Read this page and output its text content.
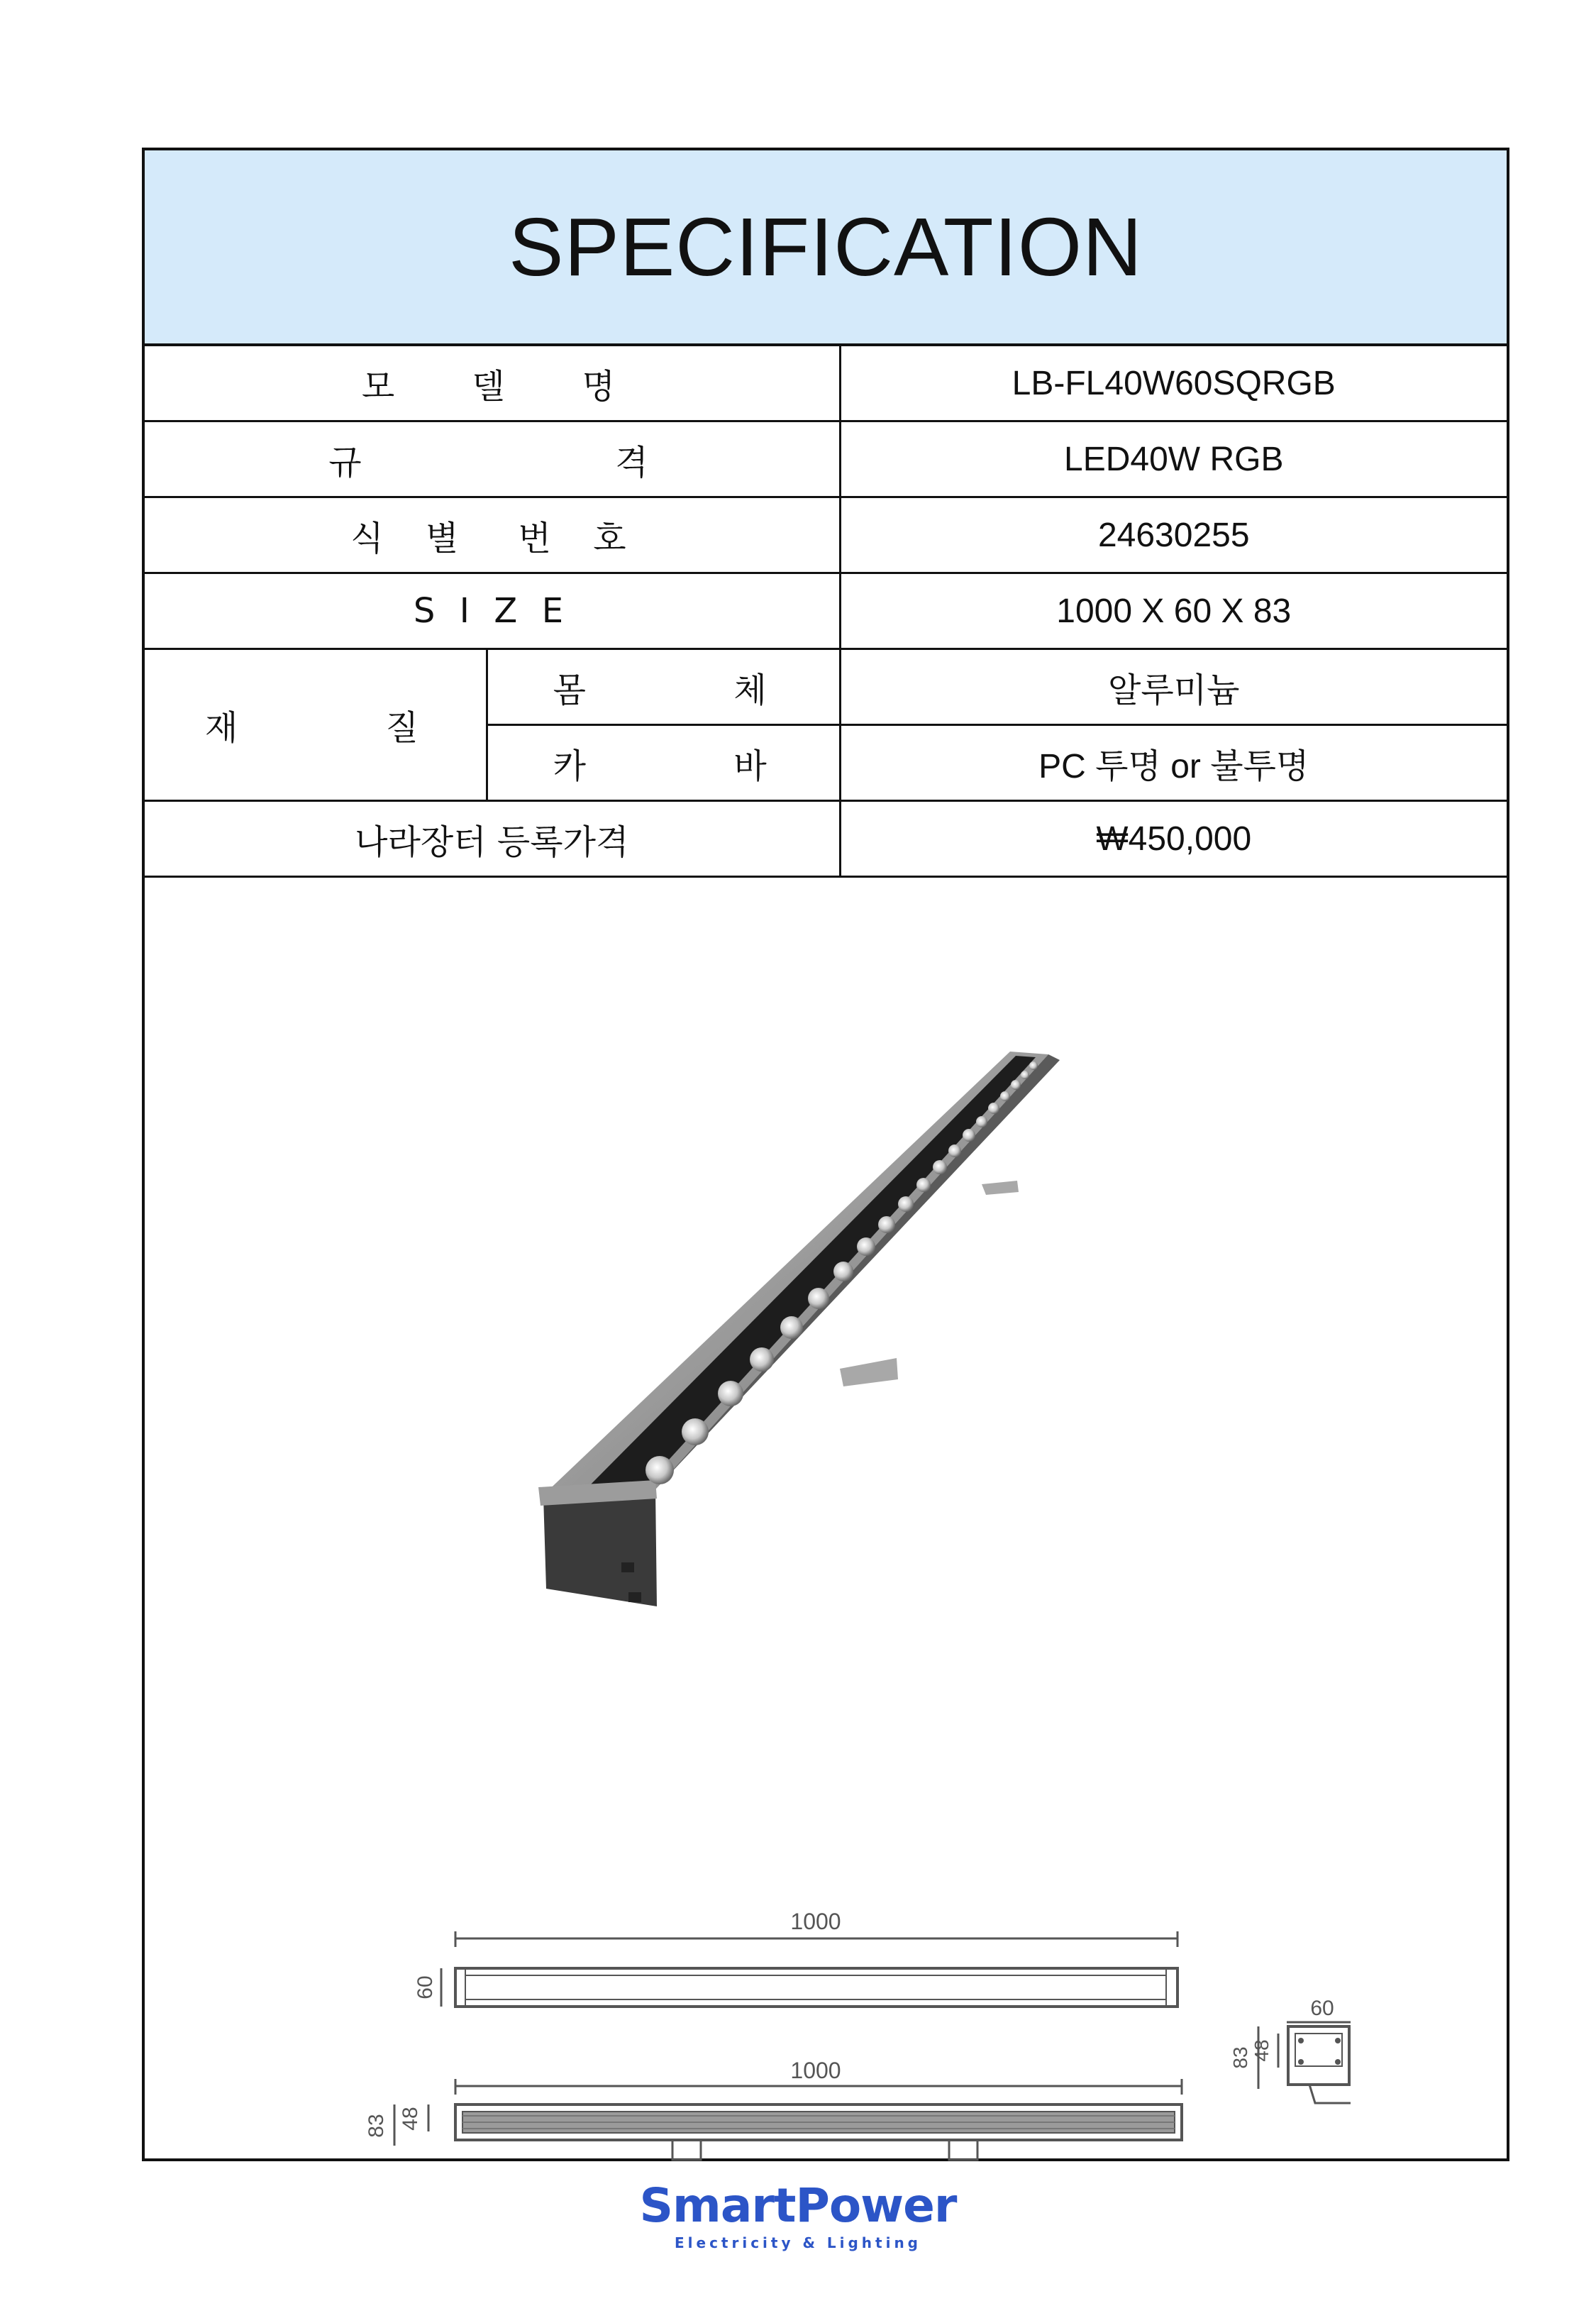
SPECIFICATION
모    델    명		LB-FL40W60SQRGB
규              격		LED40W RGB
식  별   번  호		24630255
S I Z E		1000 X 60 X 83
재        질	몸        체	알루미늄
	카        바	PC 투명 or 불투명
나라장터 등록가격		₩450,000
1000
60
1000
83 48
60
83 48
SmartPower
Electricity & Lighting
